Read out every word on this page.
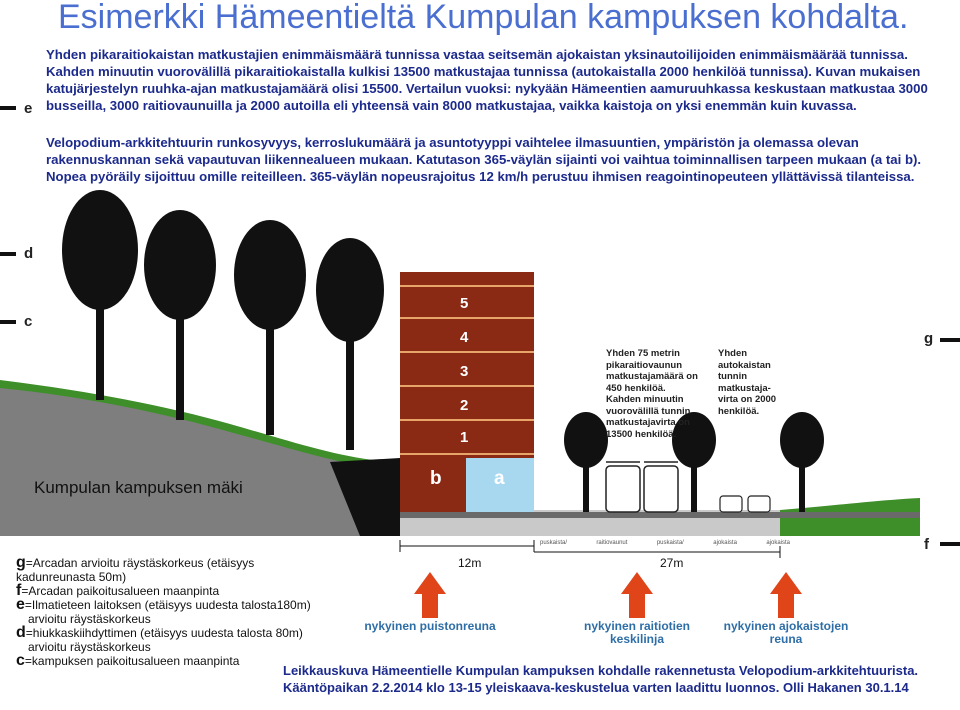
Esimerkki Hämeentieltä Kumpulan kampuksen kohdalta.
Yhden pikaraitiokaistan matkustajien enimmäismäärä tunnissa vastaa seitsemän ajokaistan yksinautoilijoiden enimmäismäärää tunnissa. Kahden minuutin vuorovälillä pikaraitiokaistalla kulkisi 13500 matkustajaa tunnissa (autokaistalla 2000 henkilöä tunnissa). Kuvan mukaisen katujärjestelyn ruuhka-ajan matkustajamäärä olisi 15500. Vertailun vuoksi: nykyään Hämeentien aamuruuhkassa keskustaan matkustaa 3000 busseilla, 3000 raitiovaunuilla ja 2000 autoilla eli yhteensä vain 8000 matkustajaa, vaikka kaistoja on yksi enemmän kuin kuvassa.
Velopodium-arkkitehtuurin runkosyvyys, kerroslukumäärä ja asuntotyyppi vaihtelee ilmasuuntien, ympäristön ja olemassa olevan rakennuskannan sekä vapautuvan liikennealueen mukaan. Katutason 365-väylän sijainti voi vaihtua toiminnallisen tarpeen mukaan (a tai b). Nopea pyöräily sijoittuu omille reiteilleen. 365-väylän nopeusrajoitus 12 km/h perustuu ihmisen reagointinopeuteen yllättävissä tilanteissa.
e
d
c
g
f
5
4
3
2
1
Kumpulan kampuksen mäki	b	a
Yhden 75 metrin pikaraitiovaunun matkustajamäärä on 450 henkilöä. Kahden minuutin vuorovälillä tunnin matkustajavirta on 13500 henkilöä.
Yhden autokaistan tunnin matkustaja-virta on 2000 henkilöä.
12m	27m
puskaista/	raitiovaunut	puskaista/	ajokaista	ajokaista
nykyinen puistonreuna	nykyinen raitiotien keskilinja
nykyinen ajokaistojen reuna
g=Arcadan arvioitu räystäskorkeus (etäisyys kadunreunasta 50m)
f=Arcadan paikoitusalueen maanpinta
e=Ilmatieteen laitoksen (etäisyys uudesta talosta180m)
arvioitu räystäskorkeus
d=hiukkaskiihdyttimen (etäisyys uudesta talosta 80m)
arvioitu räystäskorkeus
c=kampuksen paikoitusalueen maanpinta
Leikkauskuva Hämeentielle Kumpulan kampuksen kohdalle rakennetusta Velopodium-arkkitehtuurista.
Kääntöpaikan 2.2.2014 klo 13-15 yleiskaava-keskustelua varten laadittu luonnos. Olli Hakanen 30.1.14
